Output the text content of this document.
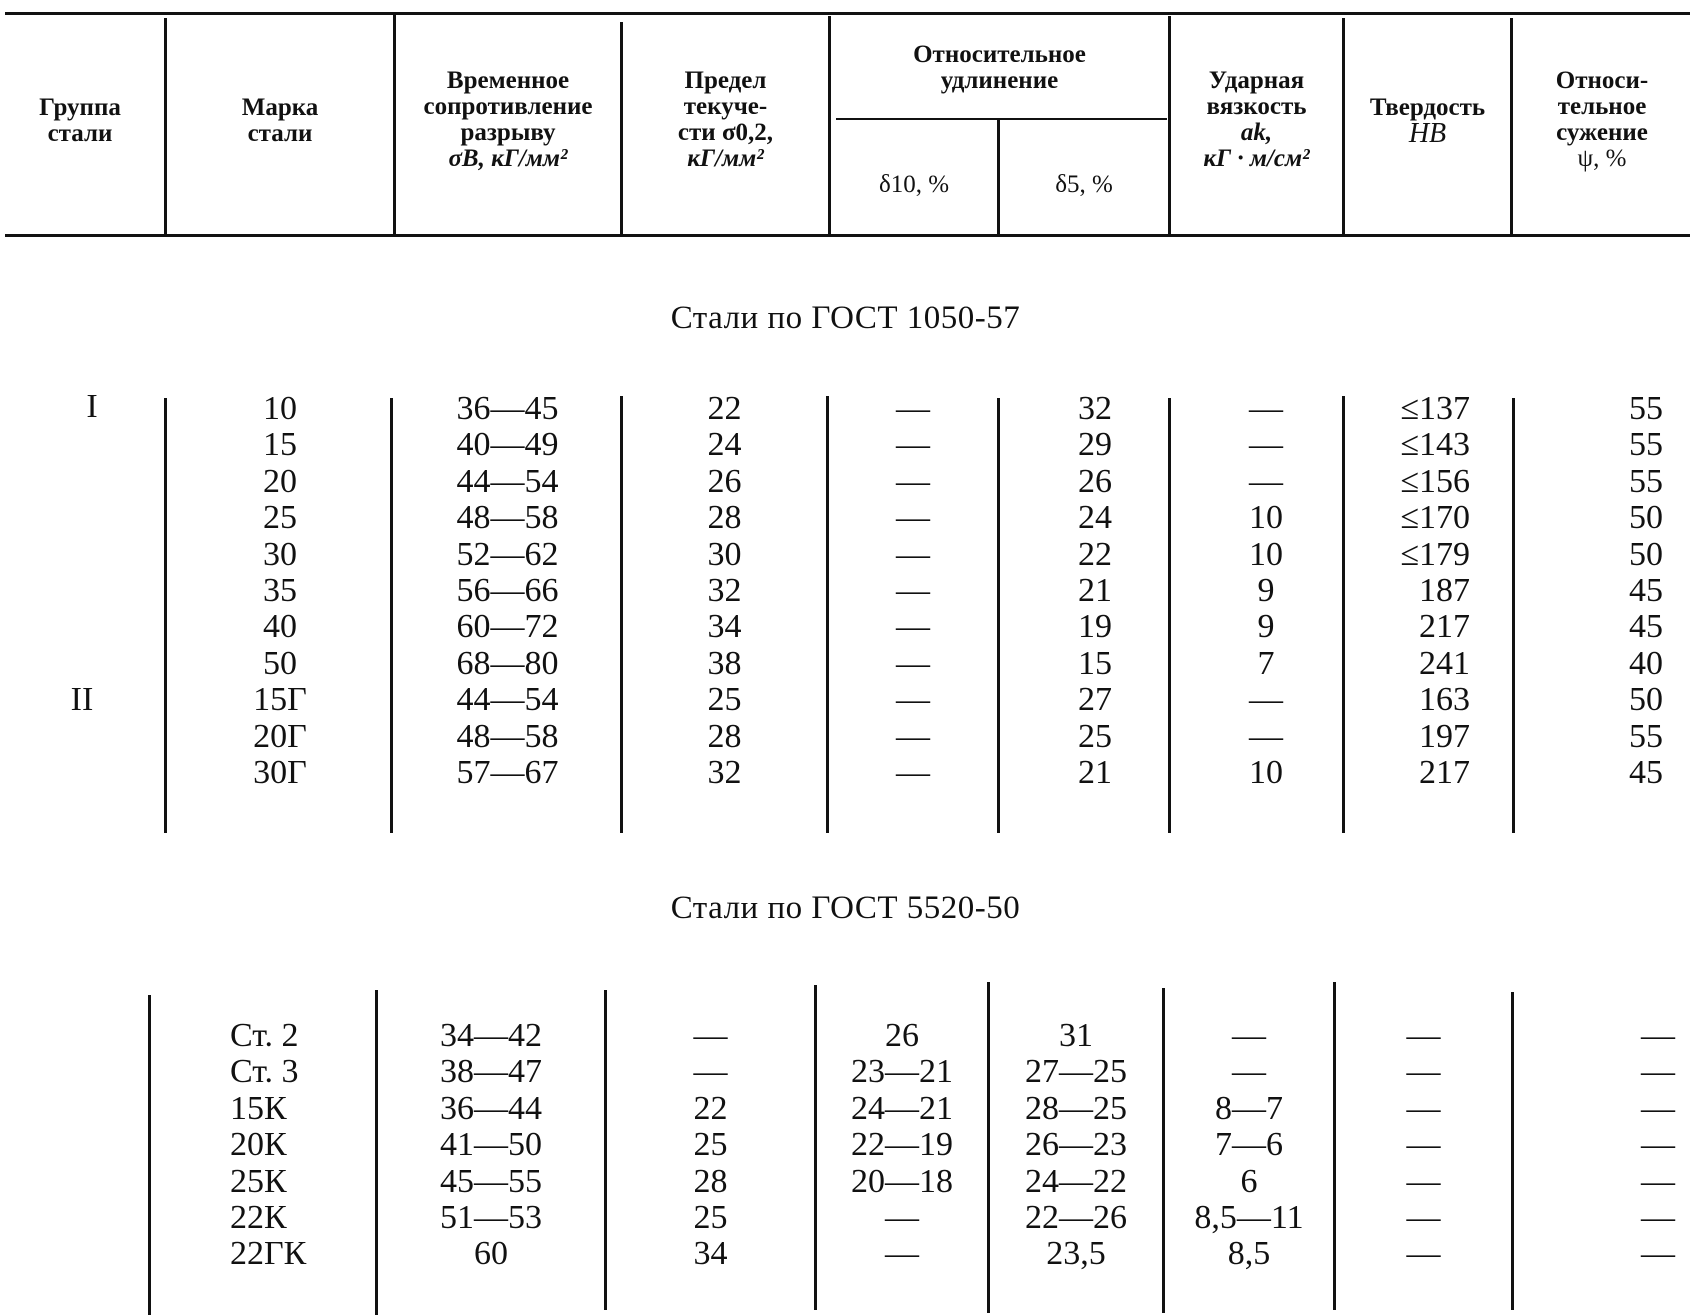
Группа
стали
Марка
стали
Временное
сопротивление
разрыву
σB, кГ/мм²
Предел
текуче-
сти σ0,2,
кГ/мм²
Относительное
удлинение
δ10, %	δ5, %
Ударная
вязкость
ak,
кГ · м/см²
Твердость
HB
Относи-
тельное
сужение
ψ, %
Стали по ГОСТ 1050-57
I
II
10
15
20
25
30
35
40
50
15Г
20Г
30Г
36—45
40—49
44—54
48—58
52—62
56—66
60—72
68—80
44—54
48—58
57—67
22
24
26
28
30
32
34
38
25
28
32
—
—
—
—
—
—
—
—
—
—
—
32
29
26
24
22
21
19
15
27
25
21
—
—
—
10
10
9
9
7
—
—
10
≤137
≤143
≤156
≤170
≤179
187
217
241
163
197
217
55
55
55
50
50
45
45
40
50
55
45
Стали по ГОСТ 5520-50
Ст. 2
Ст. 3
15К
20К
25К
22К
22ГК
34—42
38—47
36—44
41—50
45—55
51—53
60
—
—
22
25
28
25
34
26
23—21
24—21
22—19
20—18
—
—
31
27—25
28—25
26—23
24—22
22—26
23,5
—
—
8—7
7—6
6
8,5—11
8,5
—
—
—
—
—
—
—
—
—
—
—
—
—
—
